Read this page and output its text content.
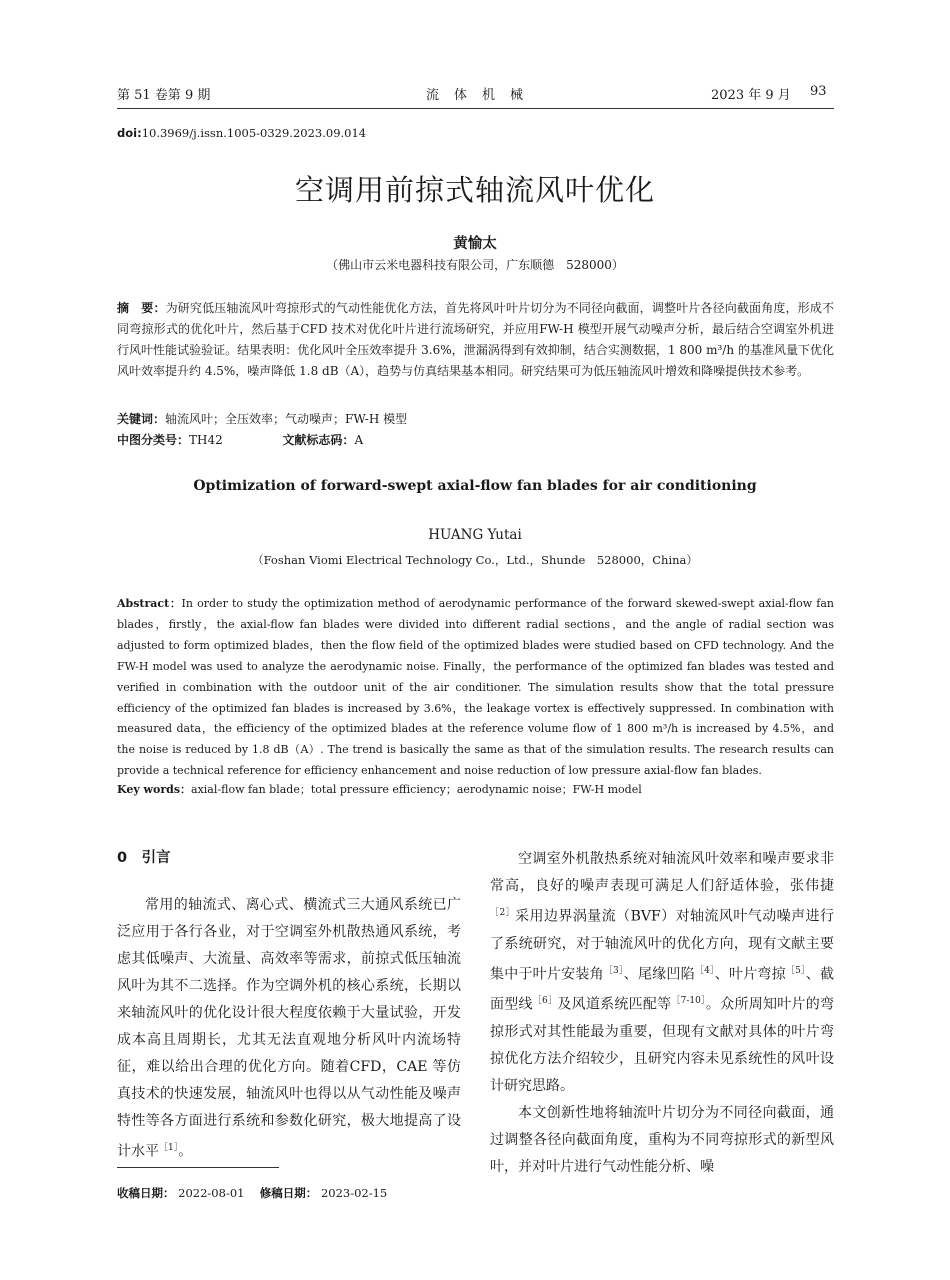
第 51 卷第 9 期	流　体　机　械	2023 年 9 月 93
doi:10.3969/j.issn.1005-0329.2023.09.014
空调用前掠式轴流风叶优化
黄愉太
（佛山市云米电器科技有限公司，广东顺德　528000）
摘　要：为研究低压轴流风叶弯掠形式的气动性能优化方法，首先将风叶叶片切分为不同径向截面，调整叶片各径向截面角度，形成不同弯掠形式的优化叶片，然后基于CFD 技术对优化叶片进行流场研究，并应用FW-H 模型开展气动噪声分析，最后结合空调室外机进行风叶性能试验验证。结果表明：优化风叶全压效率提升 3.6%，泄漏涡得到有效抑制，结合实测数据，1 800 m³/h 的基准风量下优化风叶效率提升约 4.5%，噪声降低 1.8 dB（A），趋势与仿真结果基本相同。研究结果可为低压轴流风叶增效和降噪提供技术参考。
关键词：轴流风叶；全压效率；气动噪声；FW-H 模型
中图分类号：TH42	文献标志码：A
Optimization of forward-swept axial-flow fan blades for air conditioning
HUANG Yutai
（Foshan Viomi Electrical Technology Co.，Ltd.，Shunde　528000，China）
Abstract：In order to study the optimization method of aerodynamic performance of the forward skewed-swept axial-flow fan blades，firstly，the axial-flow fan blades were divided into different radial sections，and the angle of radial section was adjusted to form optimized blades，then the flow field of the optimized blades were studied based on CFD technology. And the FW-H model was used to analyze the aerodynamic noise. Finally，the performance of the optimized fan blades was tested and verified in combination with the outdoor unit of the air conditioner. The simulation results show that the total pressure efficiency of the optimized fan blades is increased by 3.6%，the leakage vortex is effectively suppressed. In combination with measured data，the efficiency of the optimized blades at the reference volume flow of 1 800 m³/h is increased by 4.5%，and the noise is reduced by 1.8 dB（A）. The trend is basically the same as that of the simulation results. The research results can provide a technical reference for efficiency enhancement and noise reduction of low pressure axial-flow fan blades.
Key words：axial-flow fan blade；total pressure efficiency；aerodynamic noise；FW-H model
0　引言

常用的轴流式、离心式、横流式三大通风系统已广泛应用于各行各业，对于空调室外机散热通风系统，考虑其低噪声、大流量、高效率等需求，前掠式低压轴流风叶为其不二选择。作为空调外机的核心系统，长期以来轴流风叶的优化设计很大程度依赖于大量试验，开发成本高且周期长，尤其无法直观地分析风叶内流场特征，难以给出合理的优化方向。随着CFD，CAE 等仿真技术的快速发展，轴流风叶也得以从气动性能及噪声特性等各方面进行系统和参数化研究，极大地提高了设计水平$^{[1]}$。

空调室外机散热系统对轴流风叶效率和噪声要求非常高，良好的噪声表现可满足人们舒适体验，张伟捷$^{[2]}$采用边界涡量流（BVF）对轴流风叶气动噪声进行了系统研究，对于轴流风叶的优化方向，现有文献主要集中于叶片安装角$^{[3]}$、尾缘凹陷$^{[4]}$、叶片弯掠$^{[5]}$、截面型线$^{[6]}$及风道系统匹配等$^{[7-10]}$。众所周知叶片的弯掠形式对其性能最为重要，但现有文献对具体的叶片弯掠优化方法介绍较少，且研究内容未见系统性的风叶设计研究思路。

本文创新性地将轴流叶片切分为不同径向截面，通过调整各径向截面角度，重构为不同弯掠形式的新型风叶，并对叶片进行气动性能分析、噪

收稿日期： 2022-08-01 修稿日期： 2023-02-15
